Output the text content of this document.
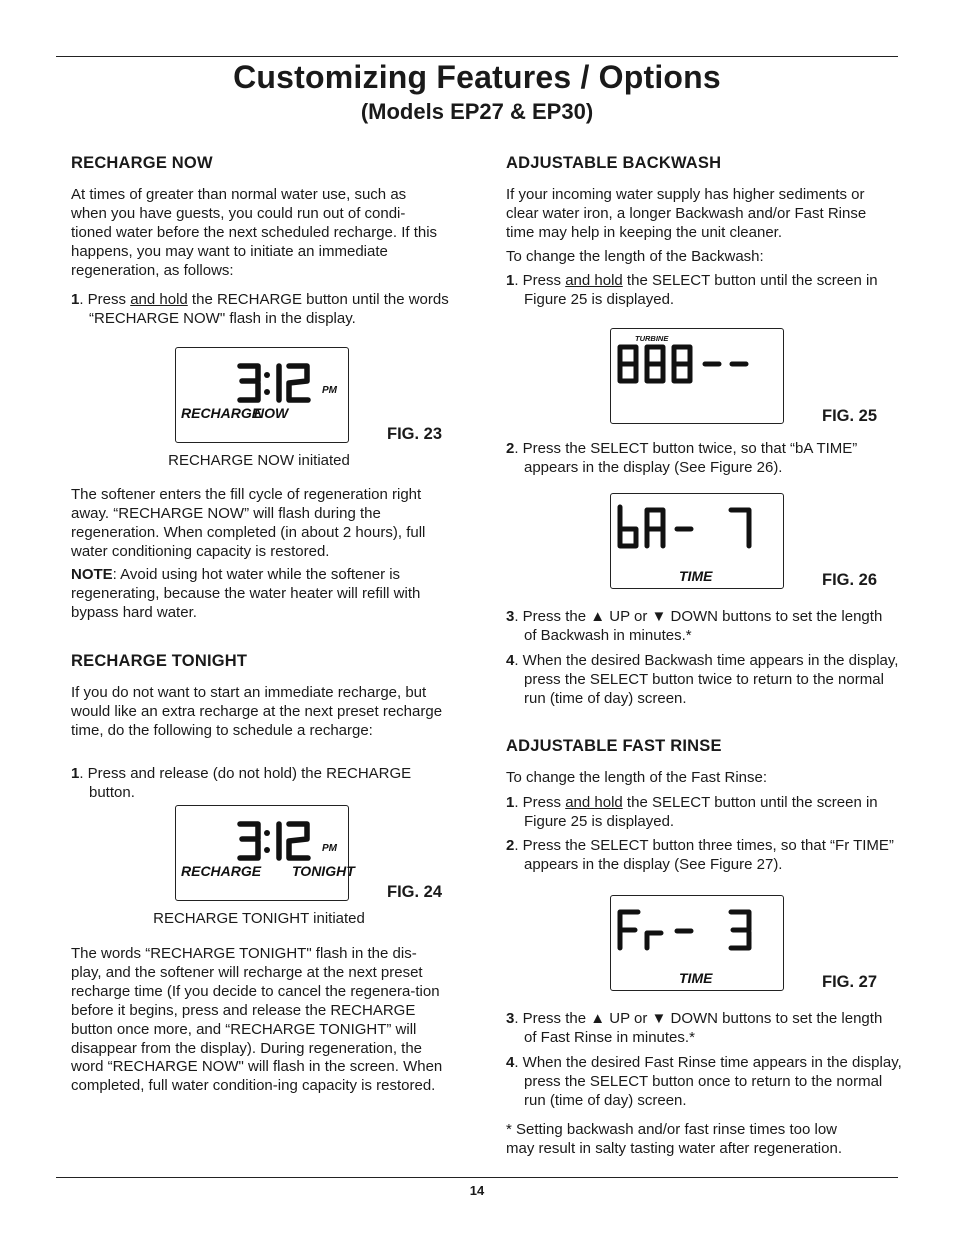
Customizing Features / Options
(Models EP27 & EP30)
RECHARGE NOW

At times of greater than normal water use, such as when you have guests, you could run out of condi-tioned water before the next scheduled recharge. If this happens, you may want to initiate an immediate regeneration, as follows:

1. Press and hold the RECHARGE button until the words “RECHARGE NOW" flash in the display.
PM
RECHARGE
NOW
FIG. 23
RECHARGE NOW initiated

The softener enters the fill cycle of regeneration right away. “RECHARGE NOW” will flash during the regeneration. When completed (in about 2 hours), full water conditioning capacity is restored.

NOTE: Avoid using hot water while the softener is regenerating, because the water heater will refill with bypass hard water.
RECHARGE TONIGHT

If you do not want to start an immediate recharge, but would like an extra recharge at the next preset recharge time, do the following to schedule a recharge:

1. Press and release (do not hold) the RECHARGE button.
PM
RECHARGE TONIGHT
FIG. 24
RECHARGE TONIGHT initiated

The words “RECHARGE TONIGHT" flash in the dis-play, and the softener will recharge at the next preset recharge time (If you decide to cancel the regenera-tion before it begins, press and release the RECHARGE button once more, and “RECHARGE TONIGHT” will disappear from the display). During regeneration, the word “RECHARGE NOW" will flash in the screen. When completed, full water condition-ing capacity is restored.

ADJUSTABLE BACKWASH

If your incoming water supply has higher sediments or clear water iron, a longer Backwash and/or Fast Rinse time may help in keeping the unit cleaner.

To change the length of the Backwash:

1. Press and hold the SELECT button until the screen in Figure 25 is displayed.
TURBINE
FIG. 25
2. Press the SELECT button twice, so that “bA TIME” appears in the display (See Figure 26).
TIME	FIG. 26
3. Press the ▲ UP or ▼ DOWN buttons to set the length of Backwash in minutes.*
4. When the desired Backwash time appears in the display, press the SELECT button twice to return to the normal run (time of day) screen.
ADJUSTABLE FAST RINSE

To change the length of the Fast Rinse:

1. Press and hold the SELECT button until the screen in Figure 25 is displayed.
2. Press the SELECT button three times, so that “Fr TIME” appears in the display (See Figure 27).
TIME	FIG. 27
3. Press the ▲ UP or ▼ DOWN buttons to set the length of Fast Rinse in minutes.*
4. When the desired Fast Rinse time appears in the display, press the SELECT button once to return to the normal run (time of day) screen.

* Setting backwash and/or fast rinse times too low
may result in salty tasting water after regeneration.

14
